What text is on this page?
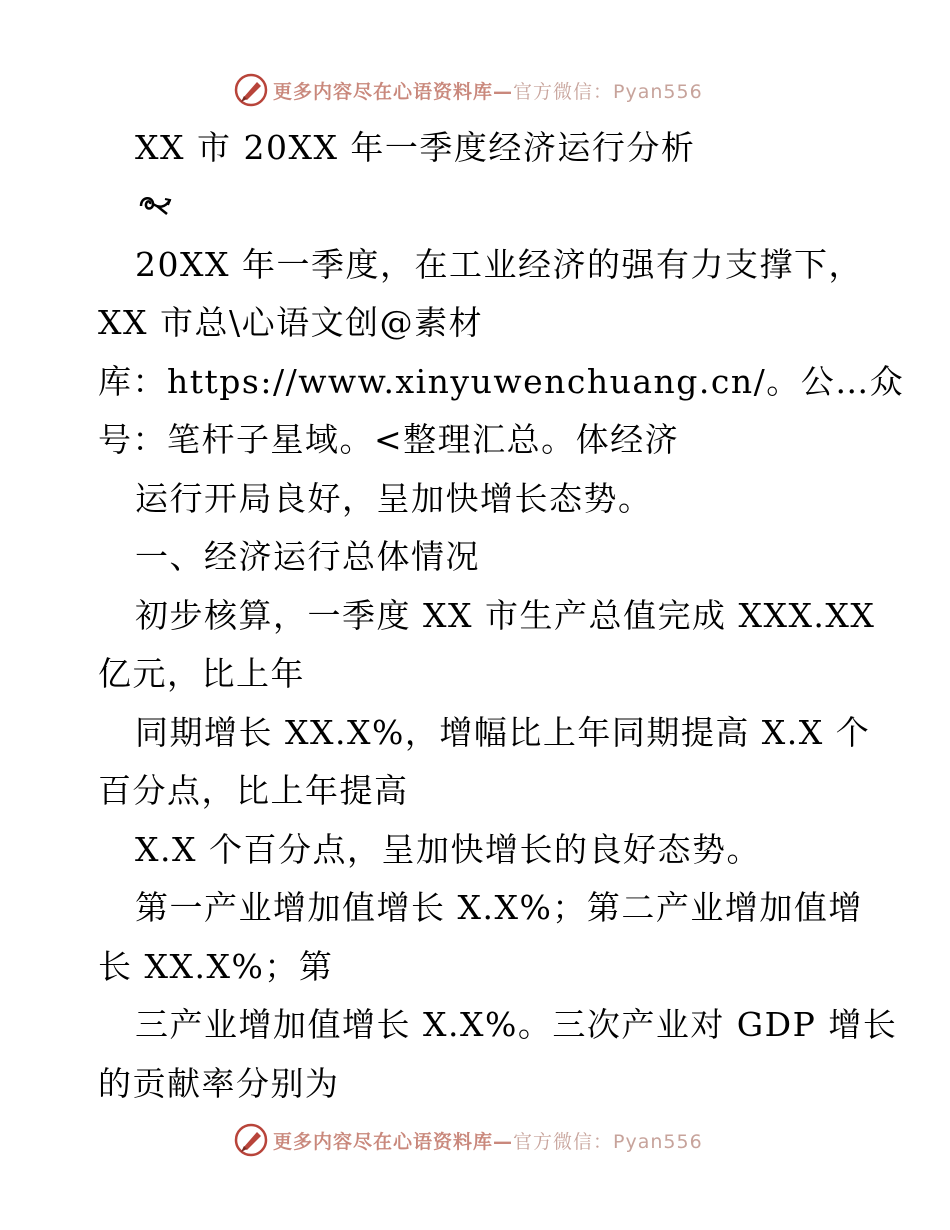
更多内容尽在心语资料库—官方微信：Pyan556
XX 市 20XX 年一季度经济运行分析
20XX 年一季度，在工业经济的强有力支撑下，
XX 市总\心语文创@素材
库：https://www.xinyuwenchuang.cn/。公…众
号：笔杆子星域。<整理汇总。体经济
运行开局良好，呈加快增长态势。
一、经济运行总体情况
初步核算，一季度 XX 市生产总值完成 XXX.XX
亿元，比上年
同期增长 XX.X%，增幅比上年同期提高 X.X 个
百分点，比上年提高
X.X 个百分点，呈加快增长的良好态势。
第一产业增加值增长 X.X%；第二产业增加值增
长 XX.X%；第
三产业增加值增长 X.X%。三次产业对 GDP 增长
的贡献率分别为
更多内容尽在心语资料库—官方微信：Pyan556
